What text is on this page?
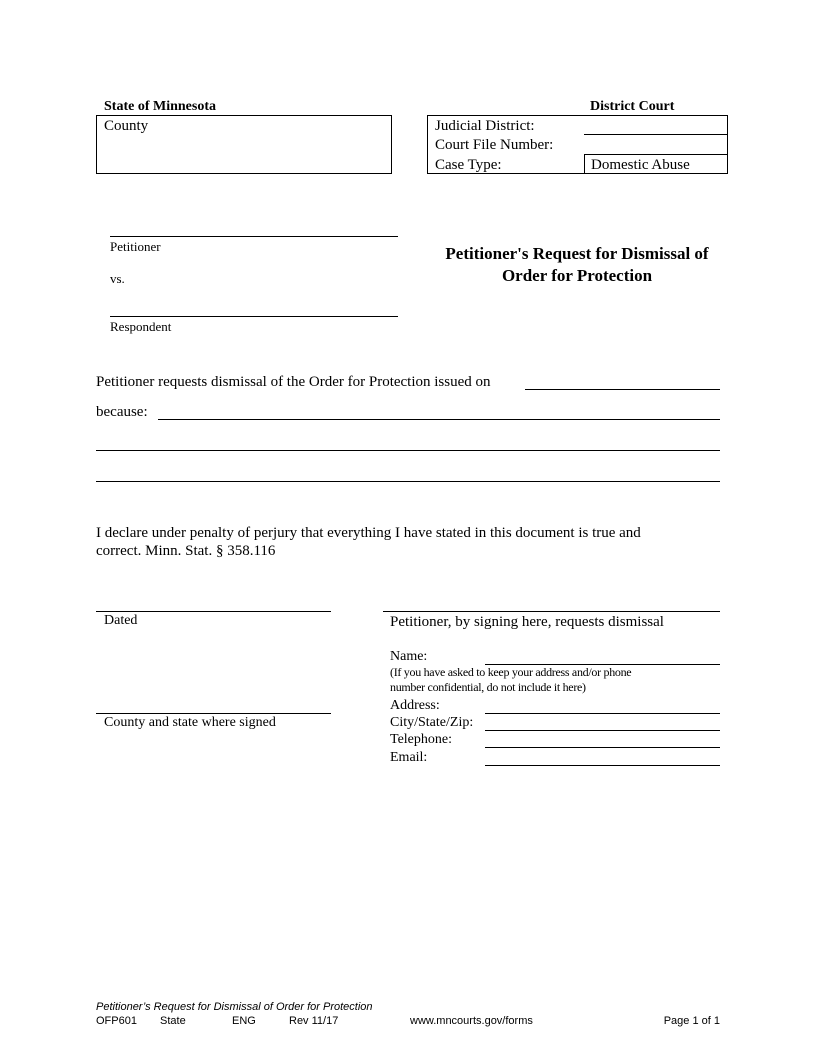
State of Minnesota	District Court
County	Judicial District:
Court File Number:
Case Type:	Domestic Abuse
Petitioner
vs.
Respondent
Petitioner's Request for Dismissal of
Order for Protection
Petitioner requests dismissal of the Order for Protection issued on
because:
I declare under penalty of perjury that everything I have stated in this document is true and
correct. Minn. Stat. § 358.116
Dated
County and state where signed
Petitioner, by signing here, requests dismissal
Name:
(If you have asked to keep your address and/or phone
number confidential, do not include it here)
Address:
City/State/Zip:
Telephone:
Email:
Petitioner’s Request for Dismissal of Order for Protection
OFP601 State	ENG	Rev 11/17	www.mncourts.gov/forms	Page 1 of 1
